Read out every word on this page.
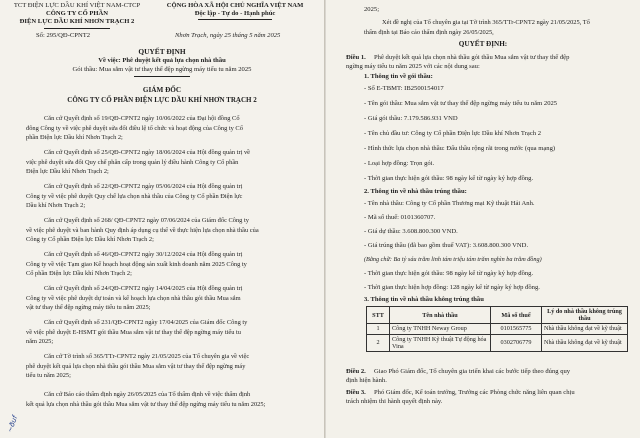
TCT ĐIỆN LỰC DẦU KHÍ VIỆT NAM-CTCP
CÔNG TY CỔ PHẦN
ĐIỆN LỰC DẦU KHÍ NHƠN TRẠCH 2
CỘNG HÒA XÃ HỘI CHỦ NGHĨA VIỆT NAM
Độc lập - Tự do - Hạnh phúc
Số: 295/QĐ-CPNT2	Nhơn Trạch, ngày 25 tháng 5 năm 2025
QUYẾT ĐỊNH
Về việc: Phê duyệt kết quả lựa chọn nhà thầu
Gói thầu: Mua sắm vật tư thay thế đệp ngừng máy tiểu tu năm 2025
GIÁM ĐỐC
CÔNG TY CỔ PHẦN ĐIỆN LỰC DẦU KHÍ NHƠN TRẠCH 2
Căn cứ Quyết định số 19/QĐ-CPNT2 ngày 10/06/2022 của Đại hội đồng Cổ
đông Công ty về việc phê duyệt sửa đổi điều lệ tổ chức và hoạt động của Công ty Cổ
phần Điện lực Dầu khí Nhơn Trạch 2;
Căn cứ Quyết định số 25/QĐ-CPNT2 ngày 18/06/2024 của Hội đồng quản trị về
việc phê duyệt sửa đổi Quy chế phân cấp trong quản lý điều hành Công ty Cổ phần
Điện lực Dầu khí Nhơn Trạch 2;
Căn cứ Quyết định số 22/QĐ-CPNT2 ngày 05/06/2024 của Hội đồng quản trị
Công ty về việc phê duyệt Quy chế lựa chọn nhà thầu của Công ty Cổ phần Điện lực
Dầu khí Nhơn Trạch 2;
Căn cứ Quyết định số 268/ QĐ-CPNT2 ngày 07/06/2024 của Giám đốc Công ty
về việc phê duyệt và ban hành Quy định áp dụng cụ thể về thực hiện lựa chọn nhà thầu của
Công ty Cổ phần Điện lực Dầu khí Nhơn Trạch 2;
Căn cứ Quyết định số 46/QĐ-CPNT2 ngày 30/12/2024 của Hội đồng quản trị
Công ty về việc Tạm giao Kế hoạch hoạt động sản xuất kinh doanh năm 2025 Công ty
Cổ phần Điện lực Dầu khí Nhơn Trạch 2;
Căn cứ Quyết định số 24/QĐ-CPNT2 ngày 14/04/2025 của Hội đồng quản trị
Công ty về việc phê duyệt dự toán và kế hoạch lựa chọn nhà thầu gói thầu Mua sắm
vật tư thay thế đệp ngừng máy tiểu tu năm 2025;
Căn cứ Quyết định số 231/QĐ-CPNT2 ngày 17/04/2025 của Giám đốc Công ty
về việc phê duyệt E-HSMT gói thầu Mua sắm vật tư thay thế đệp ngừng máy tiểu tu
năm 2025;
Căn cứ Tờ trình số 365/TTr-CPNT2 ngày 21/05/2025 của Tổ chuyên gia về việc
phê duyệt kết quả lựa chọn nhà thầu gói thầu Mua sắm vật tư thay thế đệp ngừng máy
tiểu tu năm 2025;
Căn cứ Báo cáo thẩm định ngày 26/05/2025 của Tổ thẩm định về việc thẩm định
kết quả lựa chọn nhà thầu gói thầu Mua sắm vật tư thay thế đệp ngừng máy tiểu tu năm 2025;
~ðuf
2025;
Xét đề nghị của Tổ chuyên gia tại Tờ trình 365/TTr-CPNT2 ngày 21/05/2025, Tổ
thẩm định tại Báo cáo thẩm định ngày 26/05/2025,
QUYẾT ĐỊNH:
Điều 1. Phê duyệt kết quả lựa chọn nhà thầu gói thầu Mua sắm vật tư thay thế đệp
ngừng máy tiểu tu năm 2025 với các nội dung sau:
1. Thông tin về gói thầu:
- Số E-TBMT: IB2500154017
- Tên gói thầu: Mua sắm vật tư thay thế đệp ngừng máy tiểu tu năm 2025
- Giá gói thầu: 7.179.586.931 VND
- Tên chủ đầu tư: Công ty Cổ phần Điện lực Dầu khí Nhơn Trạch 2
- Hình thức lựa chọn nhà thầu: Đấu thầu rộng rãi trong nước (qua mạng)
- Loại hợp đồng: Trọn gói.
- Thời gian thực hiện gói thầu: 98 ngày kể từ ngày ký hợp đồng.
2. Thông tin về nhà thầu trúng thầu:
- Tên nhà thầu: Công ty Cổ phần Thương mại Kỹ thuật Hải Anh.
- Mã số thuế: 0101360707.
- Giá dự thầu: 3.608.800.300 VND.
- Giá trúng thầu (đã bao gồm thuế VAT): 3.608.800.300 VND.
(Bằng chữ: Ba tỷ sáu trăm linh tám triệu tám trăm nghìn ba trăm đồng)
- Thời gian thực hiện gói thầu: 98 ngày kể từ ngày ký hợp đồng.
- Thời gian thực hiện hợp đồng: 128 ngày kể từ ngày ký hợp đồng.
3. Thông tin về nhà thầu không trúng thầu
STT	Tên nhà thầu	Mã số thuế	Lý do nhà thầu không trúng thầu
1	Công ty TNHH Neway Group	0101565775	Nhà thầu không đạt về kỹ thuật
2	Công ty TNHH Kỹ thuật Tự động hóa Vina	0302706779	Nhà thầu không đạt về kỹ thuật
Điều 2. Giao Phó Giám đốc, Tổ chuyên gia triển khai các bước tiếp theo đúng quy
định hiện hành.
Điều 3. Phó Giám đốc, Kế toán trưởng, Trưởng các Phòng chức năng liên quan chịu
trách nhiệm thi hành quyết định này.
